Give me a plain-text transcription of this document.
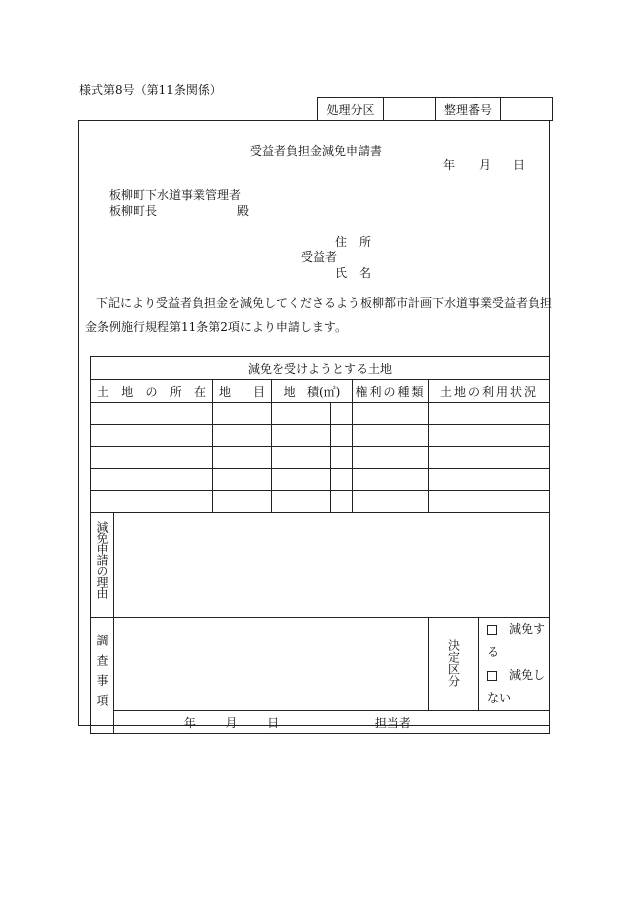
様式第8号（第11条関係）
処理分区		整理番号	
受益者負担金減免申請書
年 月 日
板柳町下水道事業管理者
板柳町長	殿
住　所
受益者
氏　名
下記により受益者負担金を減免してくださるよう板柳都市計画下水道事業受益者負担
金条例施行規程第11条第2項により申請します。
減免を受けようとする土地							

土 地 の 所 在		地 目	地 積(㎡)		権利の種類	土地の利用状況	

減免申請の理由							
調査事項						決定区分	減免する
減免しない

	年 月 日 担当者						
